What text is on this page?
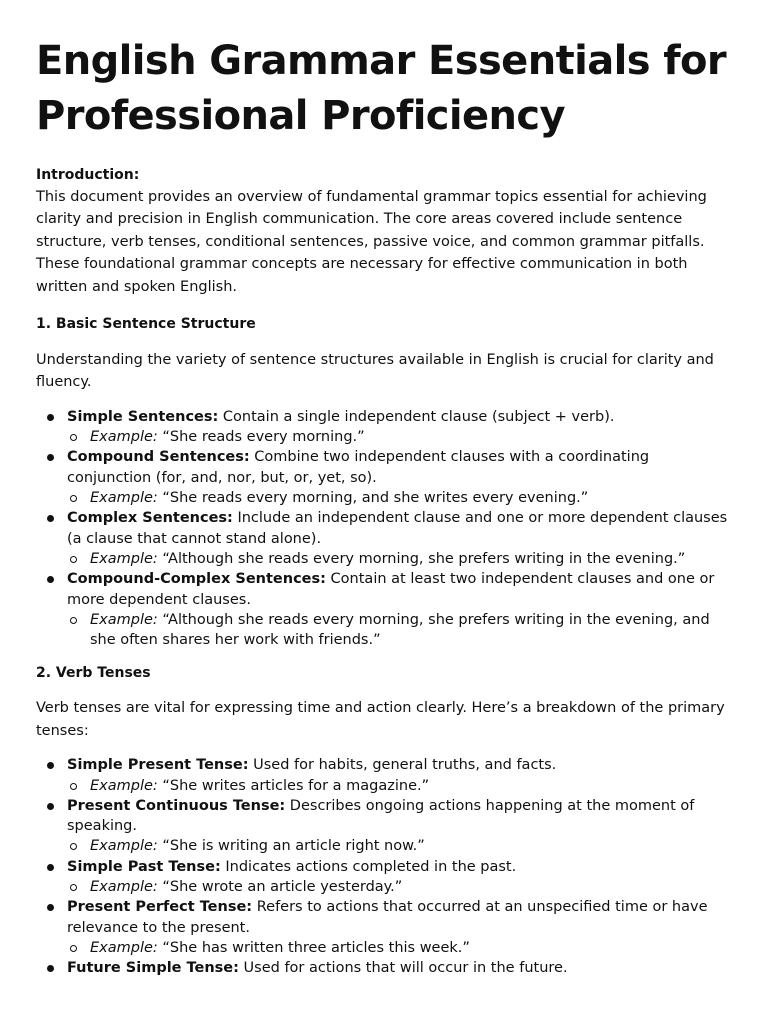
English Grammar Essentials for Professional Proficiency
Introduction:

This document provides an overview of fundamental grammar topics essential for achieving clarity and precision in English communication. The core areas covered include sentence structure, verb tenses, conditional sentences, passive voice, and common grammar pitfalls. These foundational grammar concepts are necessary for effective communication in both written and spoken English.

1. Basic Sentence Structure

Understanding the variety of sentence structures available in English is crucial for clarity and fluency.

Simple Sentences: Contain a single independent clause (subject + verb).
Example: “She reads every morning.”
Compound Sentences: Combine two independent clauses with a coordinating conjunction (for, and, nor, but, or, yet, so).
Example: “She reads every morning, and she writes every evening.”
Complex Sentences: Include an independent clause and one or more dependent clauses (a clause that cannot stand alone).
Example: “Although she reads every morning, she prefers writing in the evening.”
Compound-Complex Sentences: Contain at least two independent clauses and one or more dependent clauses.
Example: “Although she reads every morning, she prefers writing in the evening, and she often shares her work with friends.”
2. Verb Tenses

Verb tenses are vital for expressing time and action clearly. Here’s a breakdown of the primary tenses:

Simple Present Tense: Used for habits, general truths, and facts.
Example: “She writes articles for a magazine.”
Present Continuous Tense: Describes ongoing actions happening at the moment of speaking.
Example: “She is writing an article right now.”
Simple Past Tense: Indicates actions completed in the past.
Example: “She wrote an article yesterday.”
Present Perfect Tense: Refers to actions that occurred at an unspecified time or have relevance to the present.
Example: “She has written three articles this week.”
Future Simple Tense: Used for actions that will occur in the future.
